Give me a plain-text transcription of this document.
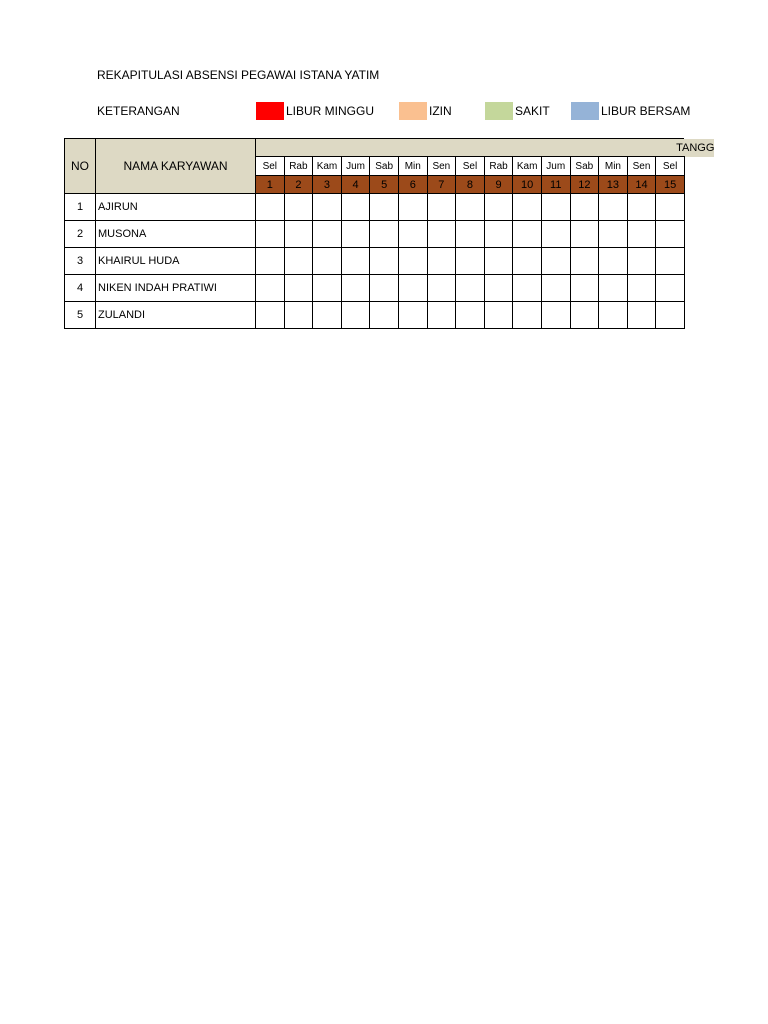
REKAPITULASI ABSENSI PEGAWAI ISTANA YATIM
KETERANGAN	LIBUR MINGGU	IZIN	SAKIT	LIBUR BERSAM
NO	NAMA KARYAWAN	TANGG															
		Sel	Rab	Kam	Jum	Sab	Min	Sen	Sel	Rab	Kam	Jum	Sab	Min	Sen	Sel	
		1	2	3	4	5	6	7	8	9	10	11	12	13	14	15	
1	AJIRUN																
2	MUSONA																
3	KHAIRUL HUDA																
4	NIKEN INDAH PRATIWI																
5	ZULANDI																
